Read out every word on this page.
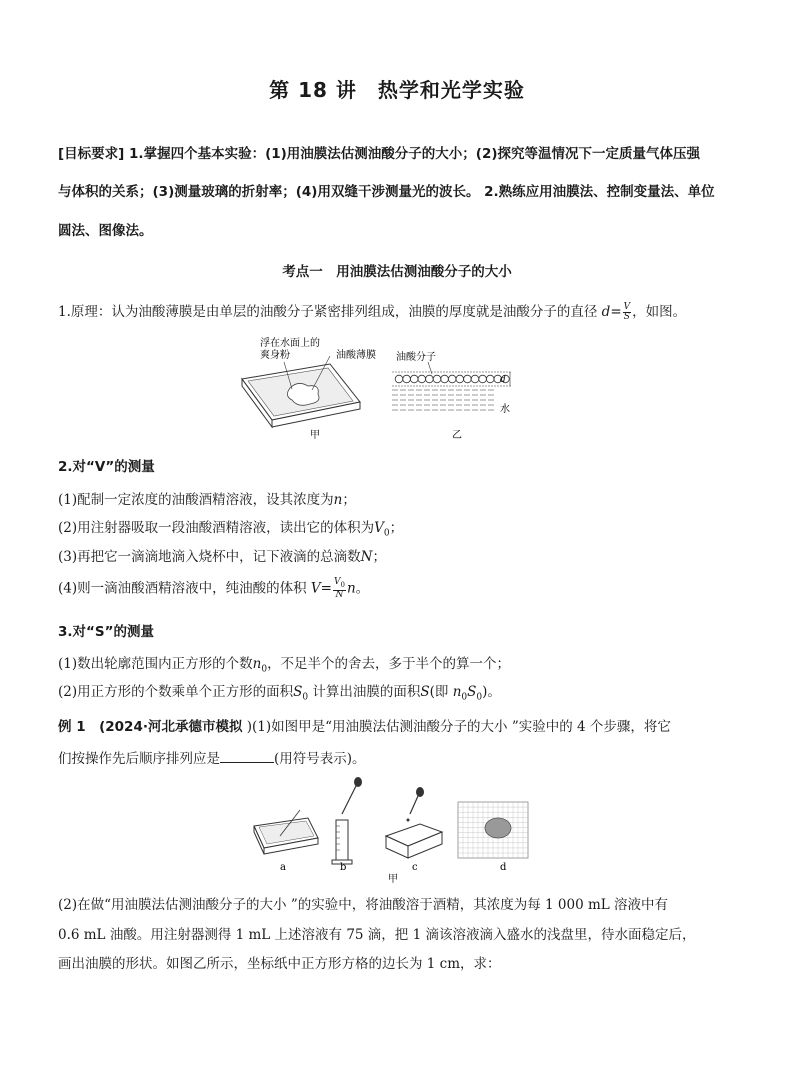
第 18 讲　热学和光学实验
[目标要求] 1.掌握四个基本实验：(1)用油膜法估测油酸分子的大小；(2)探究等温情况下一定质量气体压强
与体积的关系；(3)测量玻璃的折射率；(4)用双缝干涉测量光的波长。 2.熟练应用油膜法、控制变量法、单位
圆法、图像法。
考点一　用油膜法估测油酸分子的大小
1.原理：认为油酸薄膜是由单层的油酸分子紧密排列组成，油膜的厚度就是油酸分子的直径 $d= \frac{V}{S}$ ，如图。
浮在水面上的
爽身粉	油酸薄膜
甲
油酸分子
d
水
乙
2.对“V”的测量
(1)配制一定浓度的油酸酒精溶液，设其浓度为n；
(2)用注射器吸取一段油酸酒精溶液，读出它的体积为$V_0$；
(3)再把它一滴滴地滴入烧杯中，记下液滴的总滴数N；
(4)则一滴油酸酒精溶液中，纯油酸的体积 $V= \frac{V_0}{N}$ n。
3.对“S”的测量
(1)数出轮廓范围内正方形的个数$n_0$，不足半个的舍去，多于半个的算一个；
(2)用正方形的个数乘单个正方形的面积$S_0$ 计算出油膜的面积S(即 $n_0S_0$)。
例 1　(2024·河北承德市模拟 )(1)如图甲是“用油膜法估测油酸分子的大小 ”实验中的 4 个步骤，将它
们按操作先后顺序排列应是	(用符号表示)。
a	b	c	d
甲
(2)在做“用油膜法估测油酸分子的大小 ”的实验中，将油酸溶于酒精，其浓度为每 1 000 mL 溶液中有
0.6 mL 油酸。用注射器测得 1 mL 上述溶液有 75 滴，把 1 滴该溶液滴入盛水的浅盘里，待水面稳定后，
画出油膜的形状。如图乙所示，坐标纸中正方形方格的边长为 1 cm，求：
